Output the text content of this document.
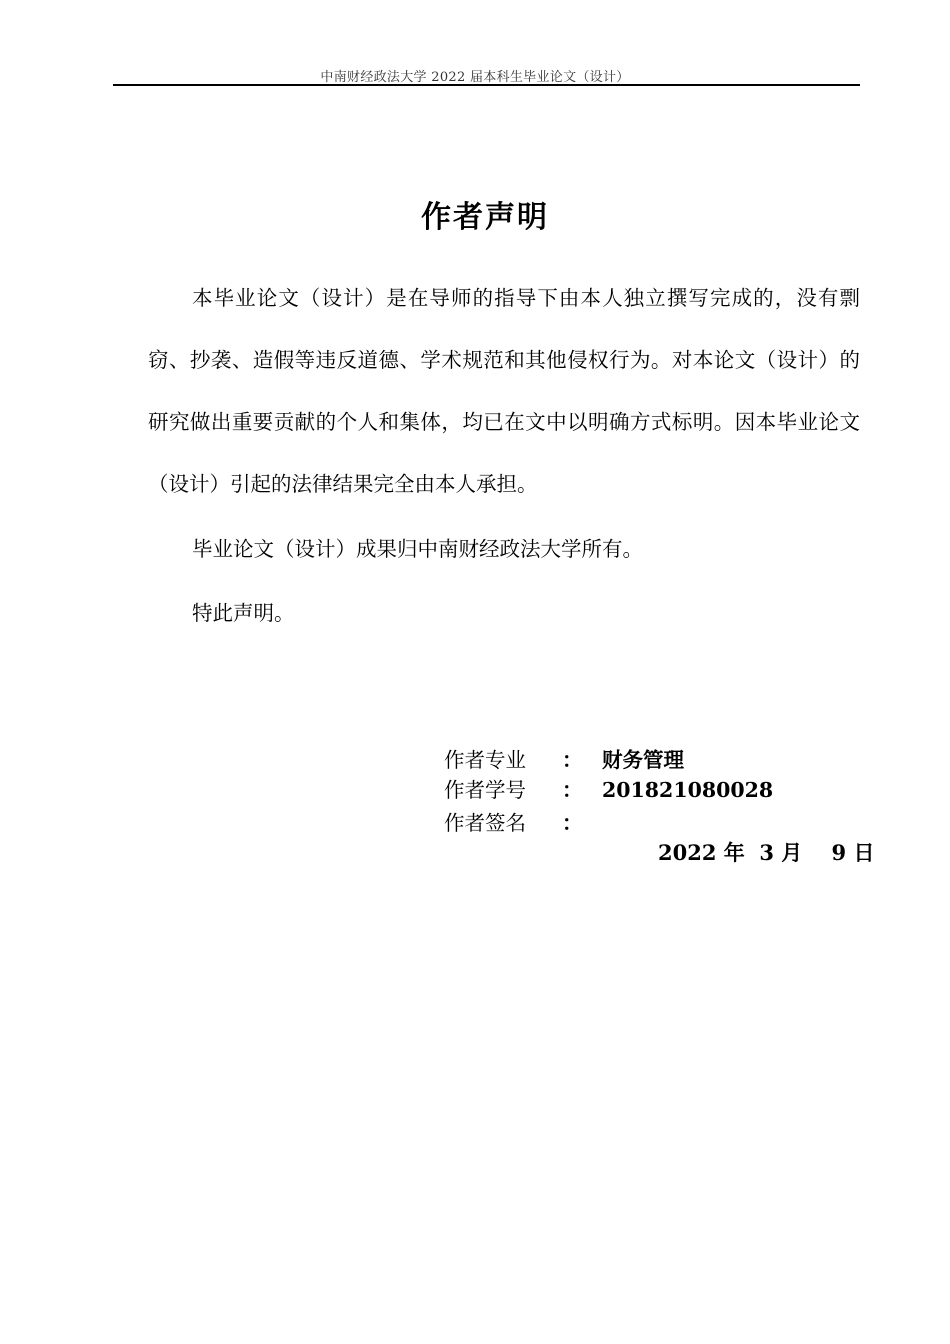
中南财经政法大学 2022 届本科生毕业论文（设计）
作者声明

本毕业论文（设计）是在导师的指导下由本人独立撰写完成的，没有剽窃、抄袭、造假等违反道德、学术规范和其他侵权行为。对本论文（设计）的研究做出重要贡献的个人和集体，均已在文中以明确方式标明。因本毕业论文（设计）引起的法律结果完全由本人承担。

毕业论文（设计）成果归中南财经政法大学所有。

特此声明。

作者专业	： 财务管理
作者学号	： 201821080028
作者签名	：
2022 年  3 月    9 日
